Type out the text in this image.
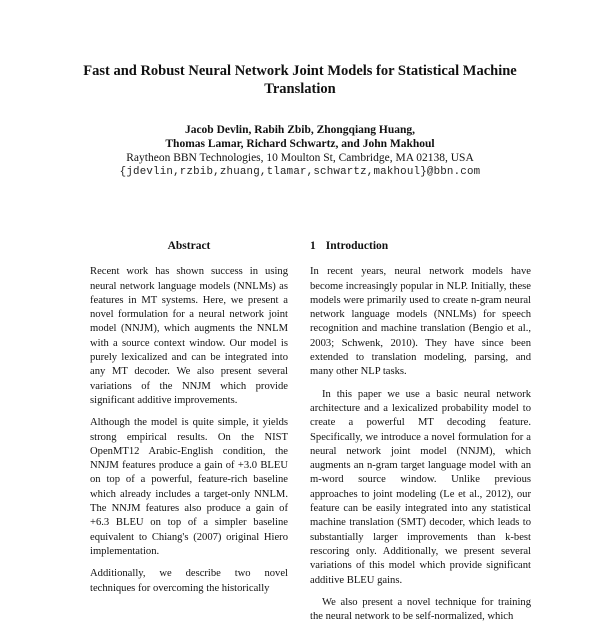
Fast and Robust Neural Network Joint Models for Statistical Machine Translation
Jacob Devlin, Rabih Zbib, Zhongqiang Huang,
Thomas Lamar, Richard Schwartz, and John Makhoul
Raytheon BBN Technologies, 10 Moulton St, Cambridge, MA 02138, USA
{jdevlin,rzbib,zhuang,tlamar,schwartz,makhoul}@bbn.com
Abstract

Recent work has shown success in using neural network language models (NNLMs) as features in MT systems. Here, we present a novel formulation for a neural network joint model (NNJM), which augments the NNLM with a source context window. Our model is purely lexicalized and can be integrated into any MT decoder. We also present several variations of the NNJM which provide significant additive improvements.

Although the model is quite simple, it yields strong empirical results. On the NIST OpenMT12 Arabic-English condition, the NNJM features produce a gain of +3.0 BLEU on top of a powerful, feature-rich baseline which already includes a target-only NNLM. The NNJM features also produce a gain of +6.3 BLEU on top of a simpler baseline equivalent to Chiang's (2007) original Hiero implementation.

Additionally, we describe two novel techniques for overcoming the historically

1 Introduction

In recent years, neural network models have become increasingly popular in NLP. Initially, these models were primarily used to create n-gram neural network language models (NNLMs) for speech recognition and machine translation (Bengio et al., 2003; Schwenk, 2010). They have since been extended to translation modeling, parsing, and many other NLP tasks.

In this paper we use a basic neural network architecture and a lexicalized probability model to create a powerful MT decoding feature. Specifically, we introduce a novel formulation for a neural network joint model (NNJM), which augments an n-gram target language model with an m-word source window. Unlike previous approaches to joint modeling (Le et al., 2012), our feature can be easily integrated into any statistical machine translation (SMT) decoder, which leads to substantially larger improvements than k-best rescoring only. Additionally, we present several variations of this model which provide significant additive BLEU gains.

We also present a novel technique for training the neural network to be self-normalized, which
